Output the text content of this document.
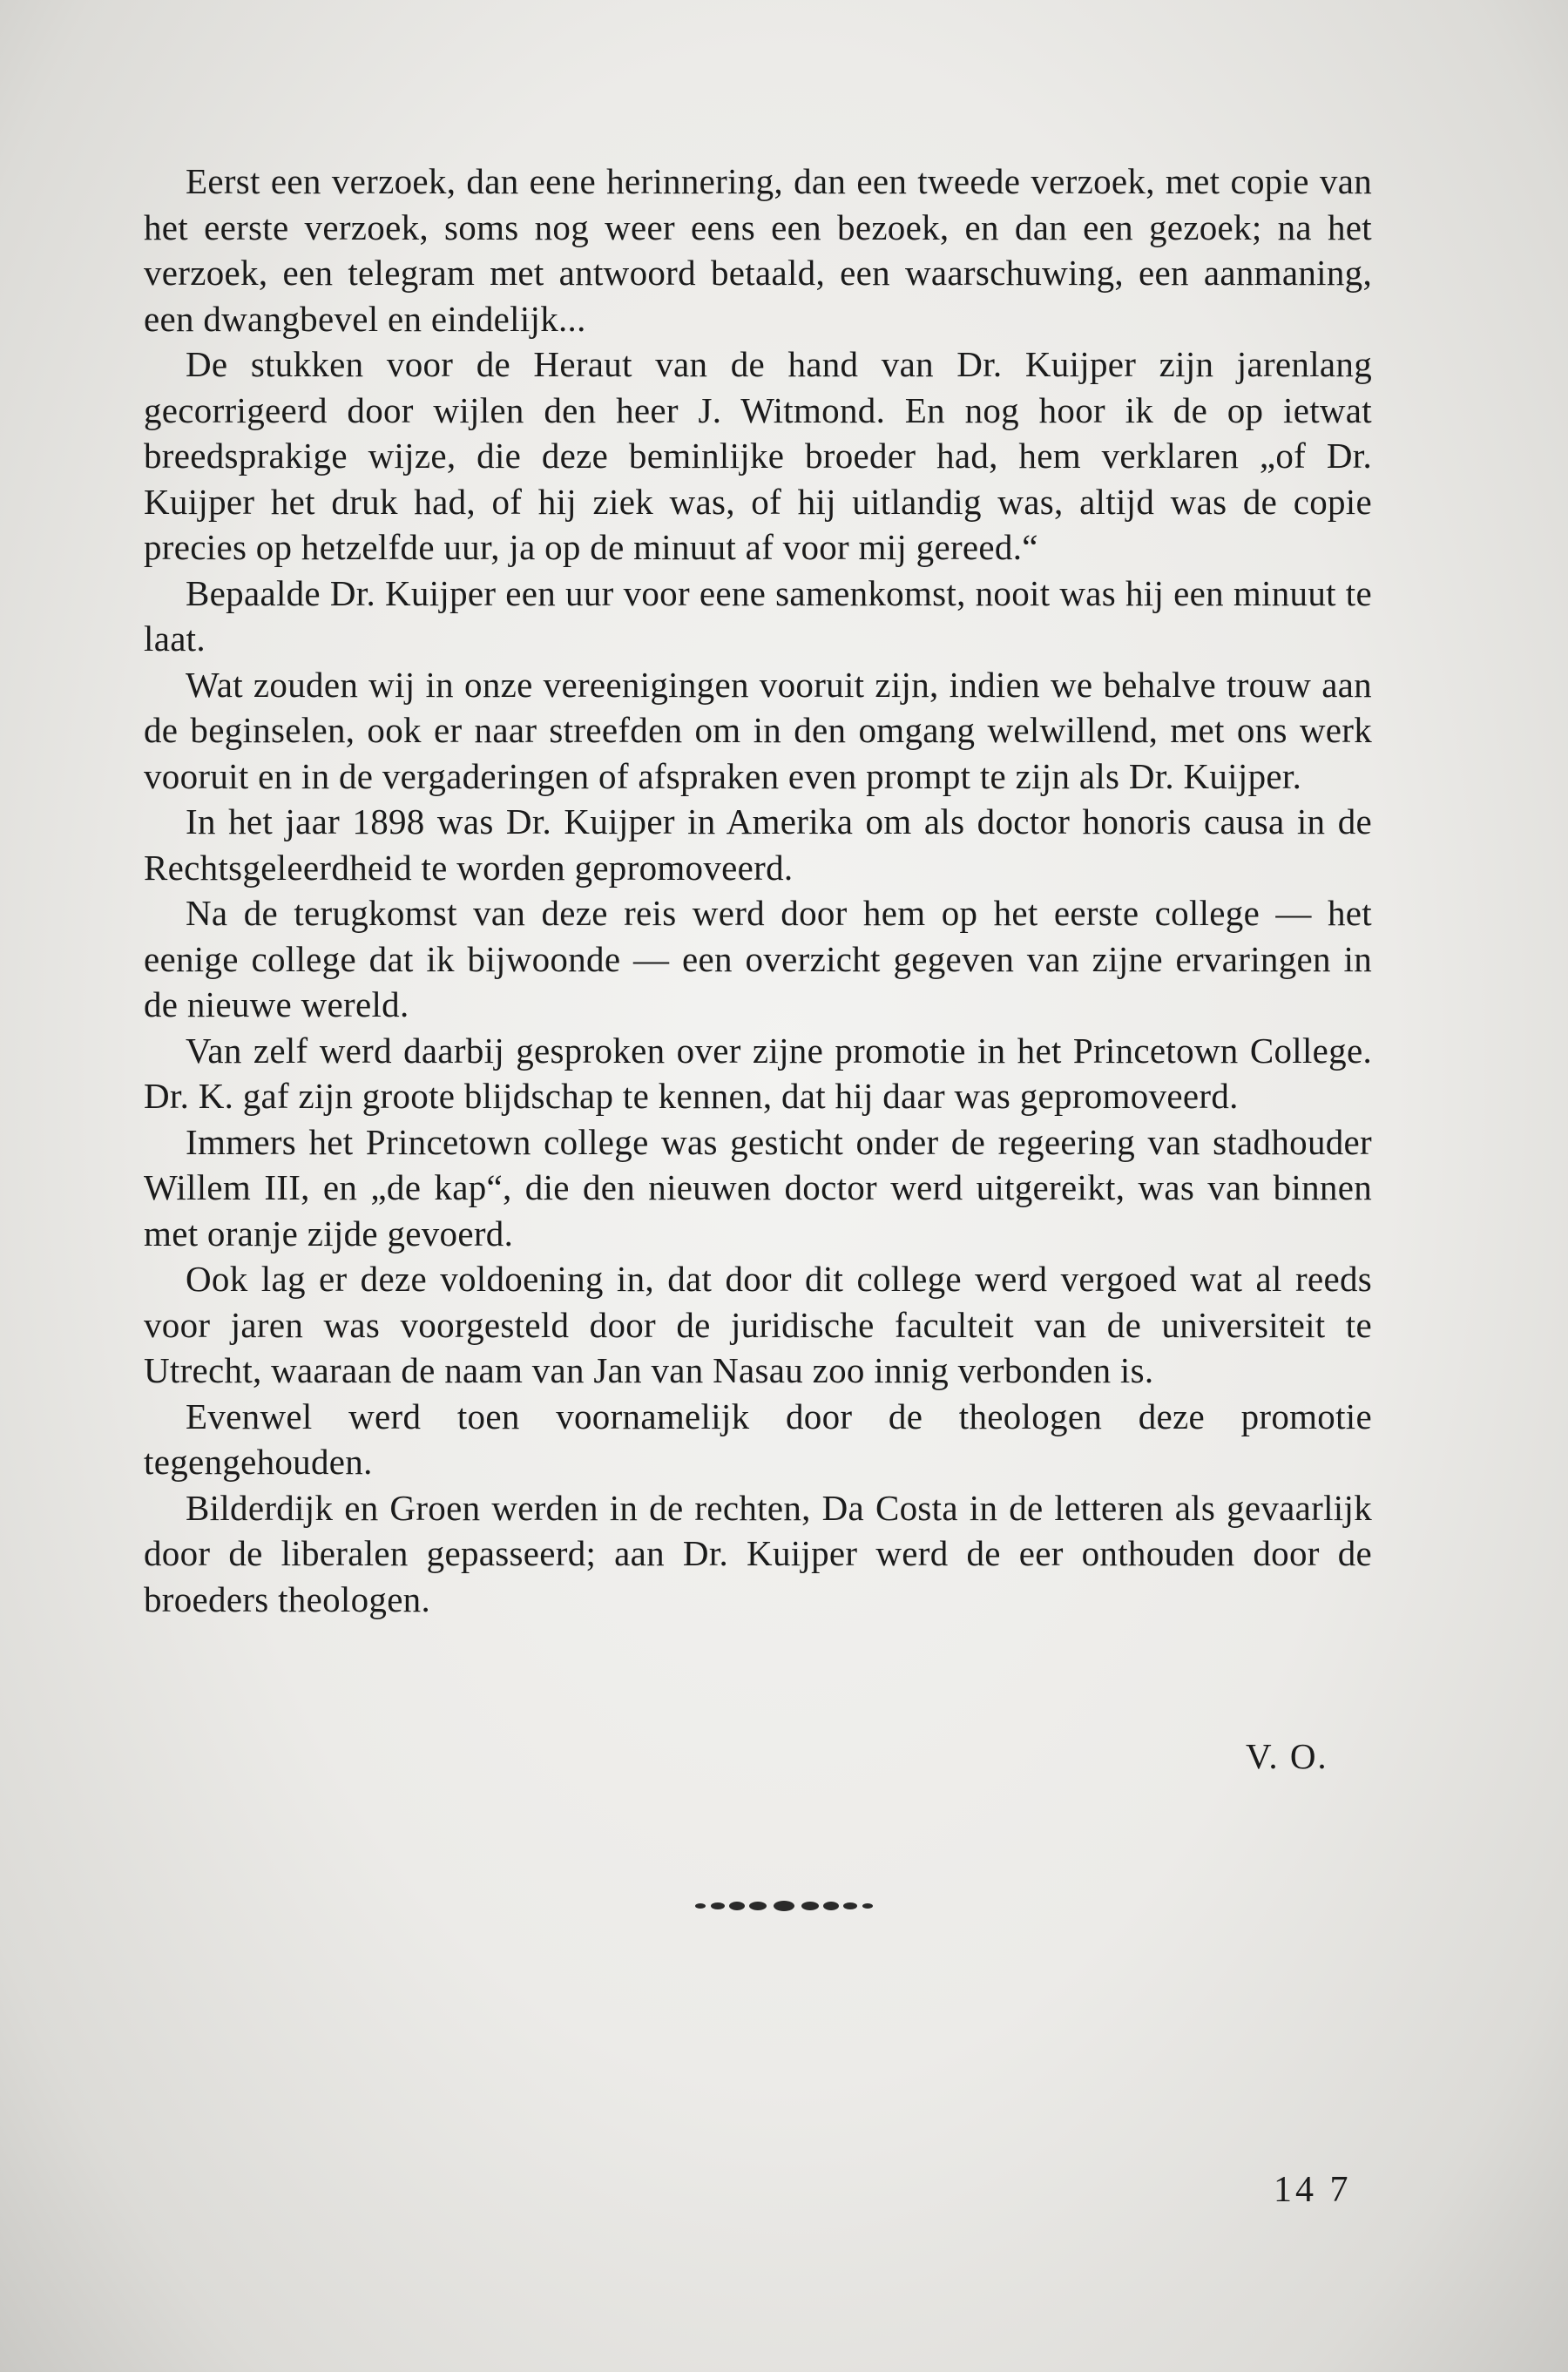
Eerst een verzoek, dan eene herinnering, dan een tweede verzoek, met copie van het eerste verzoek, soms nog weer eens een bezoek, en dan een gezoek; na het verzoek, een telegram met antwoord betaald, een waarschuwing, een aanmaning, een dwangbevel en eindelijk...

De stukken voor de Heraut van de hand van Dr. Kuijper zijn jarenlang gecorrigeerd door wijlen den heer J. Witmond. En nog hoor ik de op ietwat breedsprakige wijze, die deze beminlijke broeder had, hem verklaren „of Dr. Kuijper het druk had, of hij ziek was, of hij uitlandig was, altijd was de copie precies op hetzelfde uur, ja op de minuut af voor mij gereed.“

Bepaalde Dr. Kuijper een uur voor eene samenkomst, nooit was hij een minuut te laat.

Wat zouden wij in onze vereenigingen vooruit zijn, indien we behalve trouw aan de beginselen, ook er naar streefden om in den omgang welwillend, met ons werk vooruit en in de vergaderingen of afspraken even prompt te zijn als Dr. Kuijper.

In het jaar 1898 was Dr. Kuijper in Amerika om als doctor honoris causa in de Rechtsgeleerdheid te worden gepromoveerd.

Na de terugkomst van deze reis werd door hem op het eerste college — het eenige college dat ik bijwoonde — een overzicht gegeven van zijne ervaringen in de nieuwe wereld.

Van zelf werd daarbij gesproken over zijne promotie in het Princetown College. Dr. K. gaf zijn groote blijdschap te kennen, dat hij daar was gepromoveerd.

Immers het Princetown college was gesticht onder de regeering van stadhouder Willem III, en „de kap“, die den nieuwen doctor werd uitgereikt, was van binnen met oranje zijde gevoerd.

Ook lag er deze voldoening in, dat door dit college werd vergoed wat al reeds voor jaren was voorgesteld door de juridische faculteit van de universiteit te Utrecht, waaraan de naam van Jan van Nasau zoo innig verbonden is.

Evenwel werd toen voornamelijk door de theologen deze promotie tegengehouden.

Bilderdijk en Groen werden in de rechten, Da Costa in de letteren als gevaarlijk door de liberalen gepasseerd; aan Dr. Kuijper werd de eer onthouden door de broeders theologen.

V. O.
14 7
